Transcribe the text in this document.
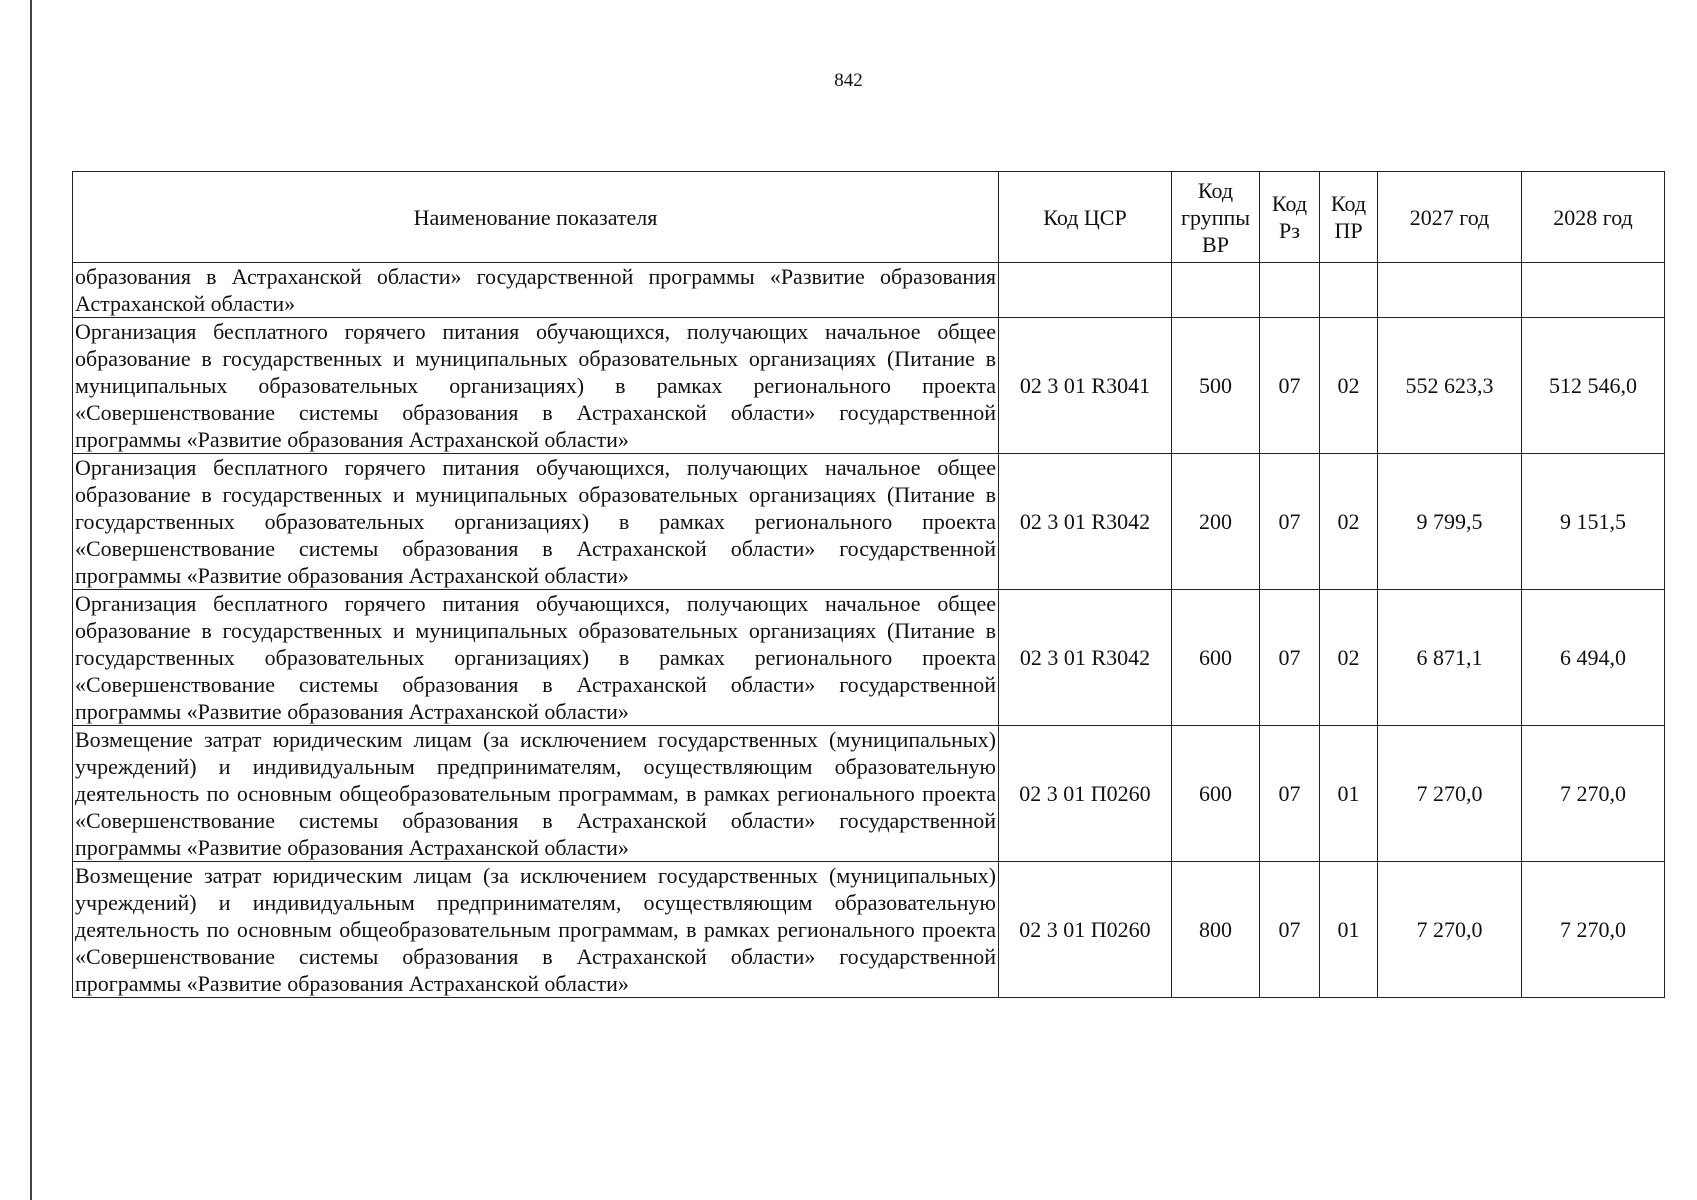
842
Наименование показателя	Код ЦСР	Код группы ВР	Код Рз	Код ПР	2027 год	2028 год
образования в Астраханской области» государственной программы «Развитие образования Астраханской области»						
Организация бесплатного горячего питания обучающихся, получающих начальное общее образование в государственных и муниципальных образовательных организациях (Питание в муниципальных образовательных организациях) в рамках регионального проекта «Совершенствование системы образования в Астраханской области» государственной программы «Развитие образования Астраханской области»	02 3 01 R3041	500	07	02	552 623,3	512 546,0
Организация бесплатного горячего питания обучающихся, получающих начальное общее образование в государственных и муниципальных образовательных организациях (Питание в государственных образовательных организациях) в рамках регионального проекта «Совершенствование системы образования в Астраханской области» государственной программы «Развитие образования Астраханской области»	02 3 01 R3042	200	07	02	9 799,5	9 151,5
Организация бесплатного горячего питания обучающихся, получающих начальное общее образование в государственных и муниципальных образовательных организациях (Питание в государственных образовательных организациях) в рамках регионального проекта «Совершенствование системы образования в Астраханской области» государственной программы «Развитие образования Астраханской области»	02 3 01 R3042	600	07	02	6 871,1	6 494,0
Возмещение затрат юридическим лицам (за исключением государственных (муниципальных) учреждений) и индивидуальным предпринимателям, осуществляющим образовательную деятельность по основным общеобразовательным программам, в рамках регионального проекта «Совершенствование системы образования в Астраханской области» государственной программы «Развитие образования Астраханской области»	02 3 01 П0260	600	07	01	7 270,0	7 270,0
Возмещение затрат юридическим лицам (за исключением государственных (муниципальных) учреждений) и индивидуальным предпринимателям, осуществляющим образовательную деятельность по основным общеобразовательным программам, в рамках регионального проекта «Совершенствование системы образования в Астраханской области» государственной программы «Развитие образования Астраханской области»	02 3 01 П0260	800	07	01	7 270,0	7 270,0
